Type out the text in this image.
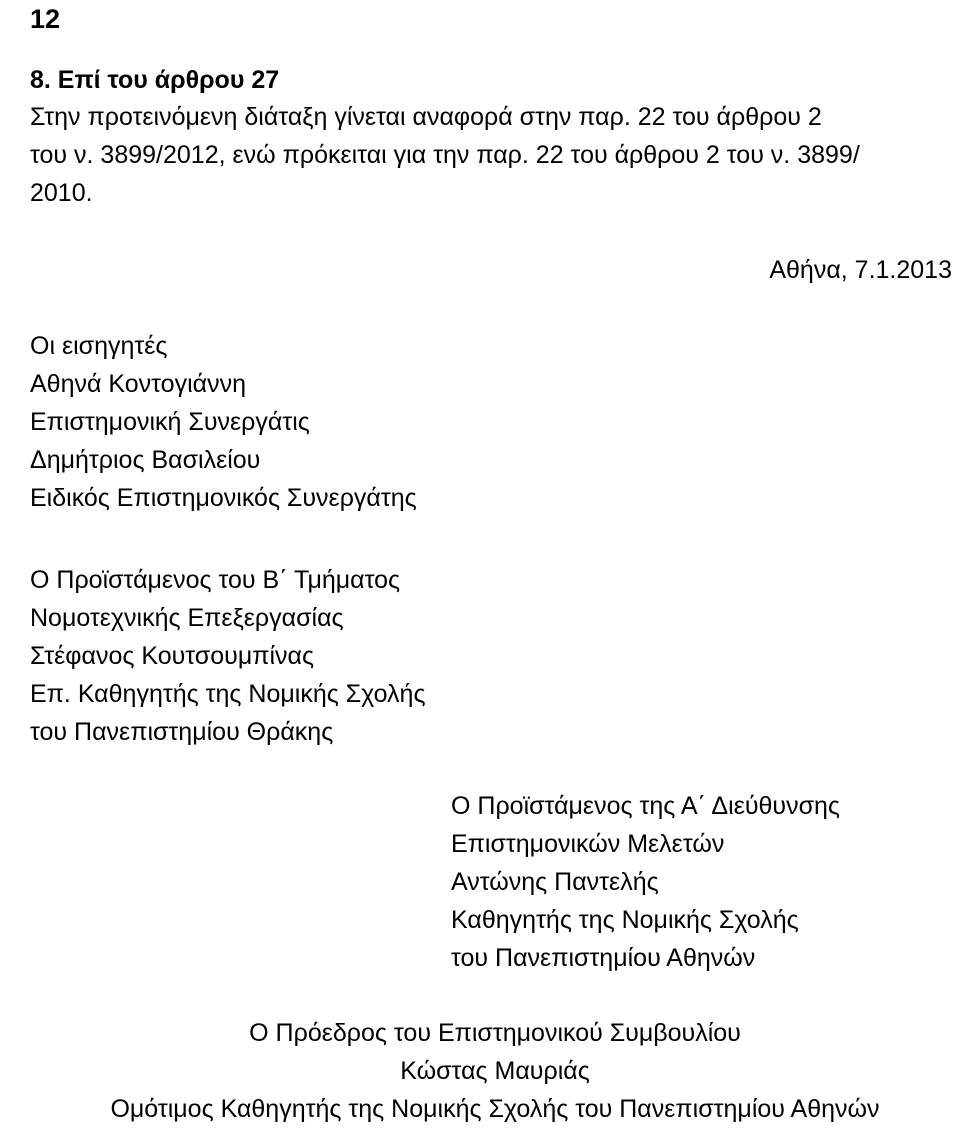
12
8. Επί του άρθρου 27
Στην προτεινόμενη διάταξη γίνεται αναφορά στην παρ. 22 του άρθρου 2
του ν. 3899/2012, ενώ πρόκειται για την παρ. 22 του άρθρου 2 του ν. 3899/
2010.
Αθήνα, 7.1.2013
Οι εισηγητές
Αθηνά Κοντογιάννη
Επιστημονική Συνεργάτις
Δημήτριος Βασιλείου
Ειδικός Επιστημονικός Συνεργάτης
Ο Προϊστάμενος του Β΄ Τμήματος
Νομοτεχνικής Επεξεργασίας
Στέφανος Κουτσουμπίνας
Επ. Καθηγητής της Νομικής Σχολής
του Πανεπιστημίου Θράκης
Ο Προϊστάμενος της Α΄ Διεύθυνσης
Επιστημονικών Μελετών
Αντώνης Παντελής
Καθηγητής της Νομικής Σχολής
του Πανεπιστημίου Αθηνών
Ο Πρόεδρος του Επιστημονικού Συμβουλίου
Κώστας Μαυριάς
Ομότιμος Καθηγητής της Νομικής Σχολής του Πανεπιστημίου Αθηνών
